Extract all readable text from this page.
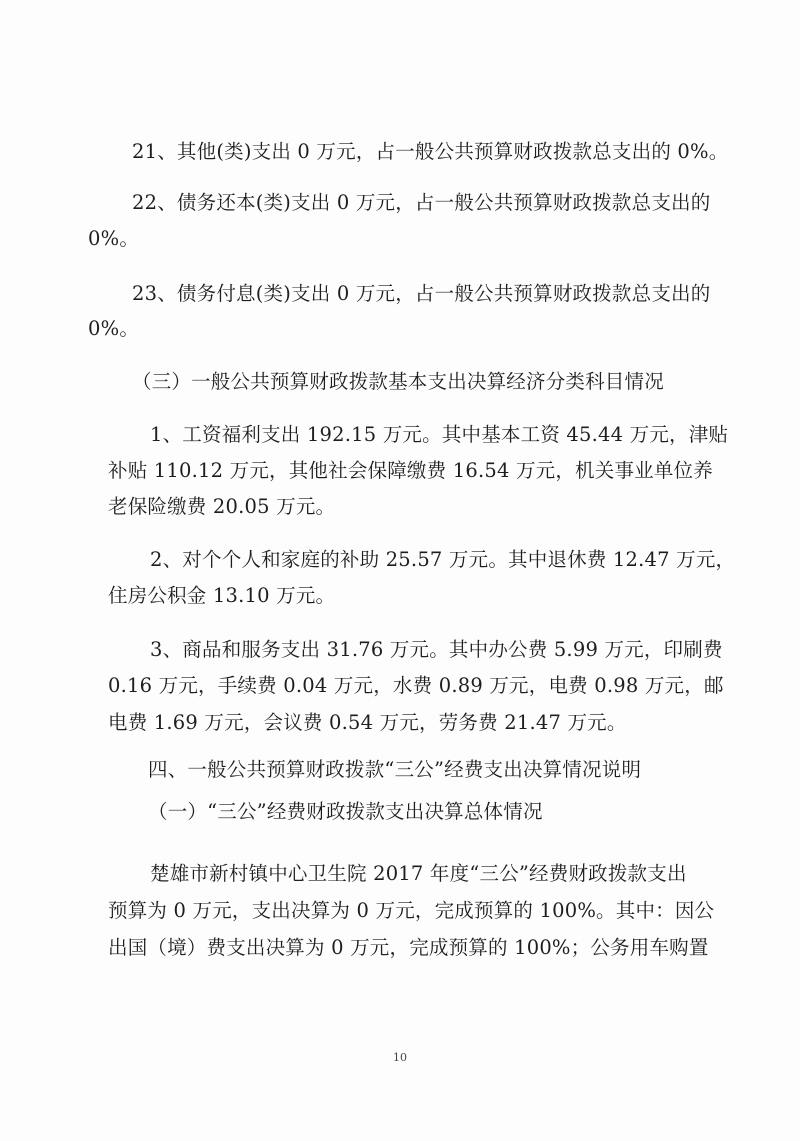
21、其他(类)支出 0 万元，占一般公共预算财政拨款总支出的 0%。
22、债务还本(类)支出 0 万元，占一般公共预算财政拨款总支出的
0%。
23、债务付息(类)支出 0 万元，占一般公共预算财政拨款总支出的
0%。
（三）一般公共预算财政拨款基本支出决算经济分类科目情况
1、工资福利支出 192.15 万元。其中基本工资 45.44 万元，津贴
补贴 110.12 万元，其他社会保障缴费 16.54 万元，机关事业单位养
老保险缴费 20.05 万元。
2、对个个人和家庭的补助 25.57 万元。其中退休费 12.47 万元，
住房公积金 13.10 万元。
3、商品和服务支出 31.76 万元。其中办公费 5.99 万元，印刷费
0.16 万元，手续费 0.04 万元，水费 0.89 万元，电费 0.98 万元，邮
电费 1.69 万元，会议费 0.54 万元，劳务费 21.47 万元。
四、一般公共预算财政拨款“三公”经费支出决算情况说明
（一）“三公”经费财政拨款支出决算总体情况
楚雄市新村镇中心卫生院 2017 年度“三公”经费财政拨款支出
预算为 0 万元，支出决算为 0 万元，完成预算的 100%。其中：因公
出国（境）费支出决算为 0 万元，完成预算的 100%；公务用车购置
10
